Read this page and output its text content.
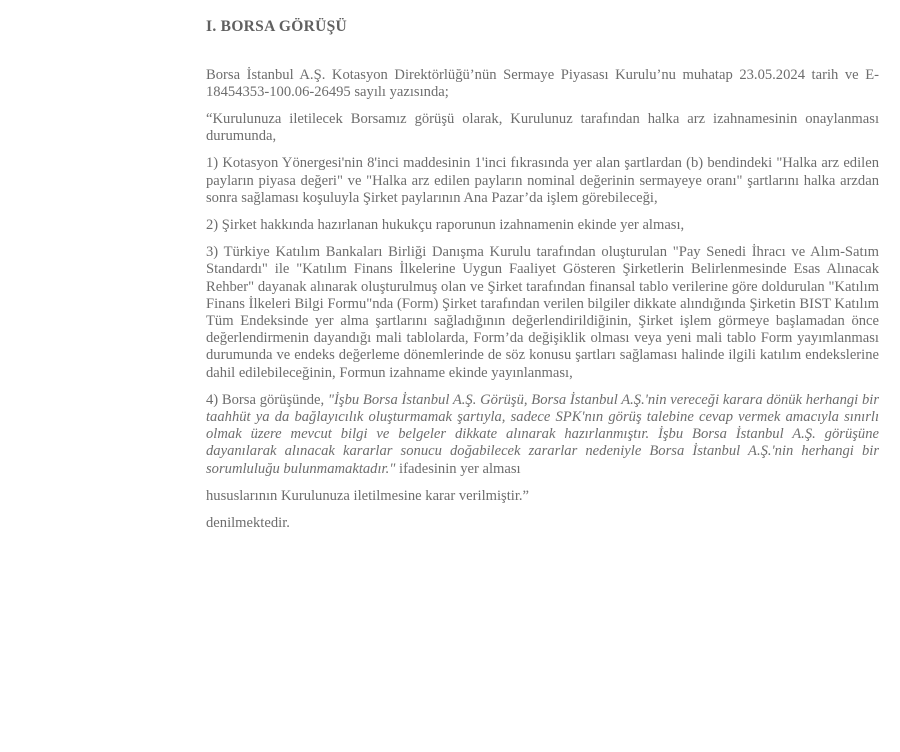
I. BORSA GÖRÜŞÜ

Borsa İstanbul A.Ş. Kotasyon Direktörlüğü’nün Sermaye Piyasası Kurulu’nu muhatap 23.05.2024 tarih ve E-18454353-100.06-26495 sayılı yazısında;

“Kurulunuza iletilecek Borsamız görüşü olarak, Kurulunuz tarafından halka arz izahnamesinin onaylanması durumunda,

1) Kotasyon Yönergesi'nin 8'inci maddesinin 1'inci fıkrasında yer alan şartlardan (b) bendindeki "Halka arz edilen payların piyasa değeri" ve "Halka arz edilen payların nominal değerinin sermayeye oranı" şartlarını halka arzdan sonra sağlaması koşuluyla Şirket paylarının Ana Pazar’da işlem görebileceği,

2) Şirket hakkında hazırlanan hukukçu raporunun izahnamenin ekinde yer alması,

3) Türkiye Katılım Bankaları Birliği Danışma Kurulu tarafından oluşturulan "Pay Senedi İhracı ve Alım-Satım Standardı" ile "Katılım Finans İlkelerine Uygun Faaliyet Gösteren Şirketlerin Belirlenmesinde Esas Alınacak Rehber" dayanak alınarak oluşturulmuş olan ve Şirket tarafından finansal tablo verilerine göre doldurulan "Katılım Finans İlkeleri Bilgi Formu"nda (Form) Şirket tarafından verilen bilgiler dikkate alındığında Şirketin BIST Katılım Tüm Endeksinde yer alma şartlarını sağladığının değerlendirildiğinin, Şirket işlem görmeye başlamadan önce değerlendirmenin dayandığı mali tablolarda, Form’da değişiklik olması veya yeni mali tablo Form yayımlanması durumunda ve endeks değerleme dönemlerinde de söz konusu şartları sağlaması halinde ilgili katılım endekslerine dahil edilebileceğinin, Formun izahname ekinde yayınlanması,

4) Borsa görüşünde, "İşbu Borsa İstanbul A.Ş. Görüşü, Borsa İstanbul A.Ş.'nin vereceği karara dönük herhangi bir taahhüt ya da bağlayıcılık oluşturmamak şartıyla, sadece SPK'nın görüş talebine cevap vermek amacıyla sınırlı olmak üzere mevcut bilgi ve belgeler dikkate alınarak hazırlanmıştır. İşbu Borsa İstanbul A.Ş. görüşüne dayanılarak alınacak kararlar sonucu doğabilecek zararlar nedeniyle Borsa İstanbul A.Ş.'nin herhangi bir sorumluluğu bulunmamaktadır." ifadesinin yer alması

hususlarının Kurulunuza iletilmesine karar verilmiştir.”

denilmektedir.
